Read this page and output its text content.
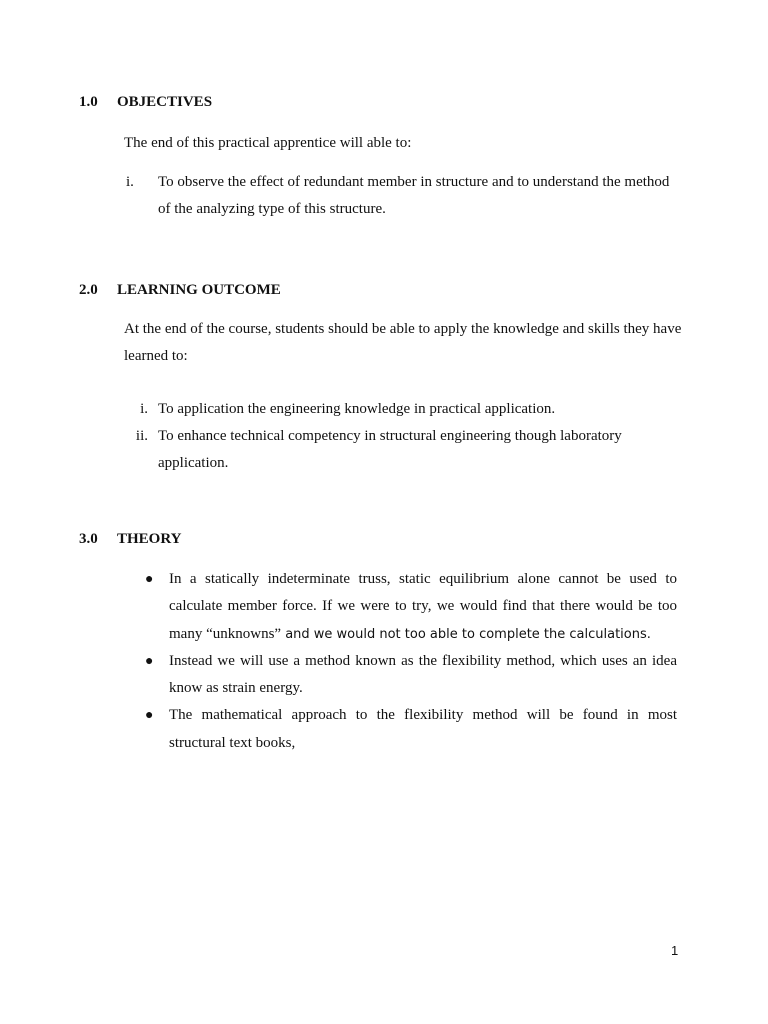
1.0	OBJECTIVES
The end of this practical apprentice will able to:
i.	To observe the effect of redundant member in structure and to understand the method of the analyzing type of this structure.
2.0	LEARNING OUTCOME
At the end of the course, students should be able to apply the knowledge and skills they have learned to:
i. To application the engineering knowledge in practical application.
ii. To enhance technical competency in structural engineering though laboratory application.
3.0	THEORY
● In a statically indeterminate truss, static equilibrium alone cannot be used to calculate member force. If we were to try, we would find that there would be too many “unknowns” and we would not too able to complete the calculations.
● Instead we will use a method known as the flexibility method, which uses an idea know as strain energy.
● The mathematical approach to the flexibility method will be found in most structural text books,
1
